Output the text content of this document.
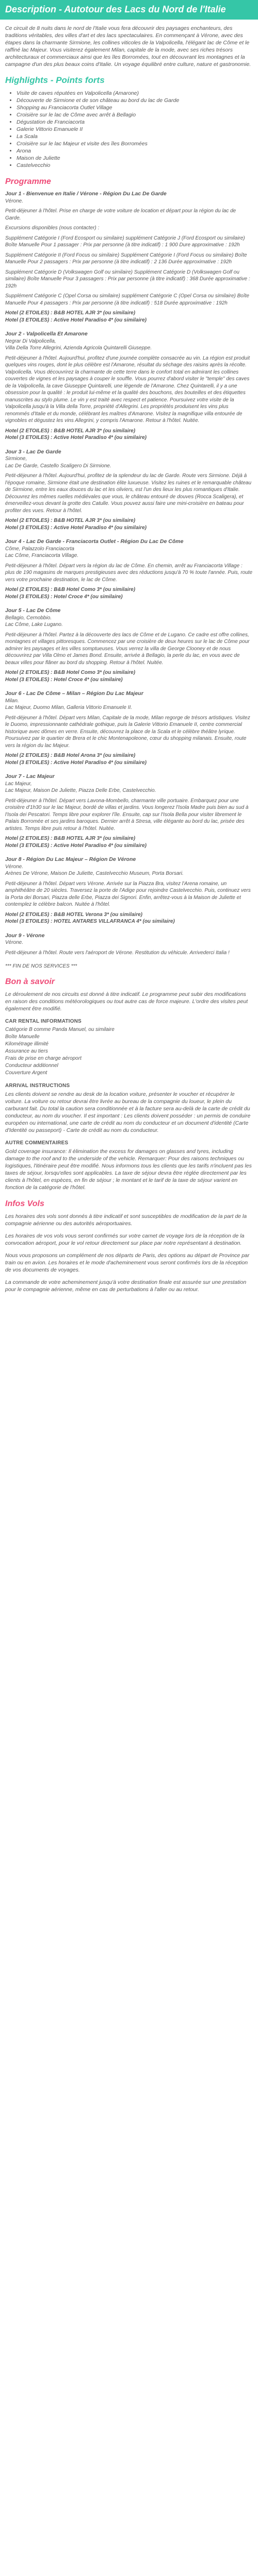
Description - Autotour des Lacs du Nord de l'Italie

Ce circuit de 8 nuits dans le nord de l'Italie vous fera découvrir des paysages enchanteurs, des traditions véritables, des villes d'art et des lacs spectaculaires. En commençant à Vérone, avec des étapes dans la charmante Sirmione, les collines viticoles de la Valpolicella, l'élégant lac de Côme et le raffiné lac Majeur. Vous visiterez également Milan, capitale de la mode, avec ses riches trésors architecturaux et commerciaux ainsi que les îles Borromées, tout en découvrant les montagnes et la campagne d'un des plus beaux coins d'Italie. Un voyage équilibré entre culture, nature et gastronomie.

Highlights - Points forts
• Visite de caves réputées en Valpolicella (Amarone)
• Découverte de Sirmione et de son château au bord du lac de Garde
• Shopping au Franciacorta Outlet Village
• Croisière sur le lac de Côme avec arrêt à Bellagio
• Dégustation de Franciacorta
• Galerie Vittorio Emanuele II
• La Scala
• Croisière sur le lac Majeur et visite des îles Borromées
• Arona
• Maison de Juliette
• Castelvecchio
Programme

Jour 1 - Bienvenue en Italie / Vérone - Région Du Lac De Garde

Vérone.

Petit-déjeuner à l'hôtel. Prise en charge de votre voiture de location et départ pour la région du lac de Garde.

Excursions disponibles (nous contacter) :

Supplément Catégorie I (Ford Ecosport ou similaire) supplément Catégorie J (Ford Ecosport ou similaire) Boîte Manuelle Pour 1 passager : Prix par personne (à titre indicatif) : 1 900 Dure approximative : 192h

Supplément Catégorie II (Ford Focus ou similaire) Supplément Catégorie I (Ford Focus ou similaire) Boîte Manuelle Pour 2 passagers : Prix par personne (à titre indicatif) : 2 136 Durée approximative : 192h

Supplément Catégorie D (Volkswagen Golf ou similaire) Supplément Catégorie D (Volkswagen Golf ou similaire) Boîte Manuelle Pour 3 passagers : Prix par personne (à titre indicatif) : 368 Durée approximative : 192h

Supplément Catégorie C (Opel Corsa ou similaire) supplément Catégorie C (Opel Corsa ou similaire) Boîte Manuelle Pour 4 passagers : Prix par personne (à titre indicatif) : 518 Durée approximative : 192h

Hotel (2 ETOILES) : B&B HOTEL AJR 3* (ou similaire)
Hotel (3 ETOILES) : Active Hotel Paradiso 4* (ou similaire)

Jour 2 - Valpolicella Et Amarone

Negrar Di Valpolicella,
Villa Della Torre Allegrini, Azienda Agricola Quintarelli Giuseppe.

Petit-déjeuner à l'hôtel. Aujourd'hui, profitez d'une journée complète consacrée au vin. La région est produit quelques vins rouges, dont le plus célèbre est l'Amarone, résultat du séchage des raisins après la récolte. Valpolicella. Vous découvrirez la charmante de cette terre dans le confort total en admirant les collines couvertes de vignes et les paysages à couper le souffle. Vous pourrez d'abord visiter le "temple" des caves de la Valpolicella, la cave Giuseppe Quintarelli, une légende de l'Amarone. Chez Quintarelli, il y a une obsession pour la qualité : le produit lui-même et la qualité des bouchons, des bouteilles et des étiquettes manuscrites au stylo plume. Le vin y est traité avec respect et patience. Poursuivez votre visite de la Valpolicella jusqu'à la Villa della Torre, propriété d'Allegrini. Les propriétés produisent les vins plus renommés d'Italie et du monde, célébrant les maîtres d'Amarone. Visitez la magnifique villa entourée de vignobles et dégustez les vins Allegrini, y compris l'Amarone. Retour à l'hôtel. Nuitée.

Hotel (2 ETOILES) : B&B HOTEL AJR 3* (ou similaire)
Hotel (3 ETOILES) : Active Hotel Paradiso 4* (ou similaire)

Jour 3 - Lac De Garde

Sirmione,
Lac De Garde, Castello Scaligero Di Sirmione.

Petit-déjeuner à l'hôtel. Aujourd'hui, profitez de la splendeur du lac de Garde. Route vers Sirmione. Déjà à l'époque romaine, Sirmione était une destination élite luxueuse. Visitez les ruines et le remarquable château de Sirmione, entre les eaux douces du lac et les oliviers, est l'un des lieux les plus romantiques d'Italie. Découvrez les mêmes ruelles médiévales que vous, le château entouré de douves (Rocca Scaligera), et émerveillez-vous devant la grotte des Catulle. Vous pouvez aussi faire une mini-croisière en bateau pour profiter des vues. Retour à l'hôtel.

Hotel (2 ETOILES) : B&B HOTEL AJR 3* (ou similaire)
Hotel (3 ETOILES) : Active Hotel Paradiso 4* (ou similaire)

Jour 4 - Lac De Garde - Franciacorta Outlet - Région Du Lac De Côme

Côme, Palazzolo Franciacorta
Lac Côme, Franciacorta Village.

Petit-déjeuner à l'hôtel. Départ vers la région du lac de Côme. En chemin, arrêt au Franciacorta Village : plus de 190 magasins de marques prestigieuses avec des réductions jusqu'à 70 % toute l'année. Puis, route vers votre prochaine destination, le lac de Côme.

Hotel (2 ETOILES) : B&B Hotel Como 3* (ou similaire)
Hotel (3 ETOILES) : Hotel Croce 4* (ou similaire)

Jour 5 - Lac De Côme

Bellagio, Cernobbio.
Lac Côme, Lake Lugano.

Petit-déjeuner à l'hôtel. Partez à la découverte des lacs de Côme et de Lugano. Ce cadre est offre collines, montagnes et villages pittoresques. Commencez par une croisière de deux heures sur le lac de Côme pour admirer les paysages et les villes somptueuses. Vous verrez la villa de George Clooney et de nous découvrirez par Villa Olmo et James Bond. Ensuite, arrivée à Bellagio, la perle du lac, en vous avec de beaux villes pour flâner au bord du shopping. Retour à l'hôtel. Nuitée.

Hotel (2 ETOILES) : B&B Hotel Como 3* (ou similaire)
Hotel (3 ETOILES) : Hotel Croce 4* (ou similaire)

Jour 6 - Lac De Côme – Milan – Région Du Lac Majeur

Milan.
Lac Majeur, Duomo Milan, Galleria Vittorio Emanuele II.

Petit-déjeuner à l'hôtel. Départ vers Milan, Capitale de la mode, Milan regorge de trésors artistiques. Visitez le Duomo, impressionnante cathédrale gothique, puis la Galerie Vittorio Emanuele II, centre commercial historique avec dômes en verre. Ensuite, découvrez la place de la Scala et le célèbre théâtre lyrique. Poursuivez par le quartier de Brera et le chic Montenapoleone, cœur du shopping milanais. Ensuite, route vers la région du lac Majeur.

Hotel (2 ETOILES) : B&B Hotel Arona 3* (ou similaire)
Hotel (3 ETOILES) : Active Hotel Paradiso 4* (ou similaire)

Jour 7 - Lac Majeur

Lac Majeur,
Lac Majeur, Maison De Juliette, Piazza Delle Erbe, Castelvecchio.

Petit-déjeuner à l'hôtel. Départ vers Lavona-Mombello, charmante ville portuaire. Embarquez pour une croisière d'1h30 sur le lac Majeur, bordé de villas et jardins. Vous longerez l'Isola Madre puis bien au sud à l'Isola dei Pescatori. Temps libre pour explorer l'île. Ensuite, cap sur l'Isola Bella pour visiter librement le Palais Borromée et ses jardins baroques. Dernier arrêt à Stresa, ville élégante au bord du lac, prisée des artistes. Temps libre puis retour à l'hôtel. Nuitée.

Hotel (2 ETOILES) : B&B HOTEL AJR 3* (ou similaire)
Hotel (3 ETOILES) : Active Hotel Paradiso 4* (ou similaire)

Jour 8 - Région Du Lac Majeur – Région De Vérone

Vérone.
Arènes De Vérone, Maison De Juliette, Castelvecchio Museum, Porta Borsari.

Petit-déjeuner à l'hôtel. Départ vers Vérone. Arrivée sur la Piazza Bra, visitez l'Arena romaine, un amphithéâtre de 20 siècles. Traversez la porte de l'Adige pour rejoindre Castelvecchio. Puis, continuez vers la Porta dei Borsari, Piazza delle Erbe, Piazza dei Signori. Enfin, arrêtez-vous à la Maison de Juliette et contemplez le célèbre balcon. Nuitée à l'hôtel.

Hotel (2 ETOILES) : B&B HOTEL Verona 3* (ou similaire)
Hotel (3 ETOILES) : HOTEL ANTARES VILLAFRANCA 4* (ou similaire)

Jour 9 - Vérone

Vérone.

Petit-déjeuner à l'hôtel. Route vers l'aéroport de Vérone. Restitution du véhicule. Arrivederci Italia !

*** FIN DE NOS SERVICES ***
Bon à savoir

Le déroulement de nos circuits est donné à titre indicatif. Le programme peut subir des modifications en raison des conditions météorologiques ou tout autre cas de force majeure. L'ordre des visites peut également être modifié.

CAR RENTAL INFORMATIONS
Catégorie B comme Panda Manuel, ou similaire
Boîte Manuelle
Kilométrage illimité
Assurance au tiers
Frais de prise en charge aéroport
Conducteur additionnel
Couverture Argent
ARRIVAL INSTRUCTIONS

Les clients doivent se rendre au desk de la location voiture, présenter le voucher et récupérer le voiture. La voiture ou retour devrai être livrée au bureau de la compagnie du loueur, le plein du carburant fait. Du total la caution sera conditionnée et à la facture sera au-delà de la carte de crédit du conducteur, au nom du voucher. Il est important : Les clients doivent posséder : un permis de conduire européen ou international, une carte de crédit au nom du conducteur et un document d'identité (Carte d'Identité ou passeport) - Carte de crédit au nom du conducteur.

AUTRE COMMENTAIRES

Gold coverage insurance: Il élimination the excess for damages on glasses and tyres, including damage to the roof and to the underside of the vehicle. Remarquer: Pour des raisons techniques ou logistiques, l'itinéraire peut être modifié. Nous informons tous les clients que les tarifs n'incluent pas les taxes de séjour, lorsqu'elles sont applicables. La taxe de séjour devra être réglée directement par les clients à l'hôtel, en espèces, en fin de séjour ; le montant et le tarif de la taxe de séjour varient en fonction de la catégorie de l'hôtel.

Infos Vols

Les horaires des vols sont donnés à titre indicatif et sont susceptibles de modification de la part de la compagnie aérienne ou des autorités aéroportuaires.

Les horaires de vos vols vous seront confirmés sur votre carnet de voyage lors de la réception de la convocation aéroport, pour le vol retour directement sur place par notre représentant à destination.

Nous vous proposons un complément de nos départs de Paris, des options au départ de Province par train ou en avion. Les horaires et le mode d'acheminement vous seront confirmés lors de la réception de vos documents de voyages.

La commande de votre acheminement jusqu'à votre destination finale est assurée sur une prestation pour le compagnie aérienne, même en cas de perturbations à l'aller ou au retour.
